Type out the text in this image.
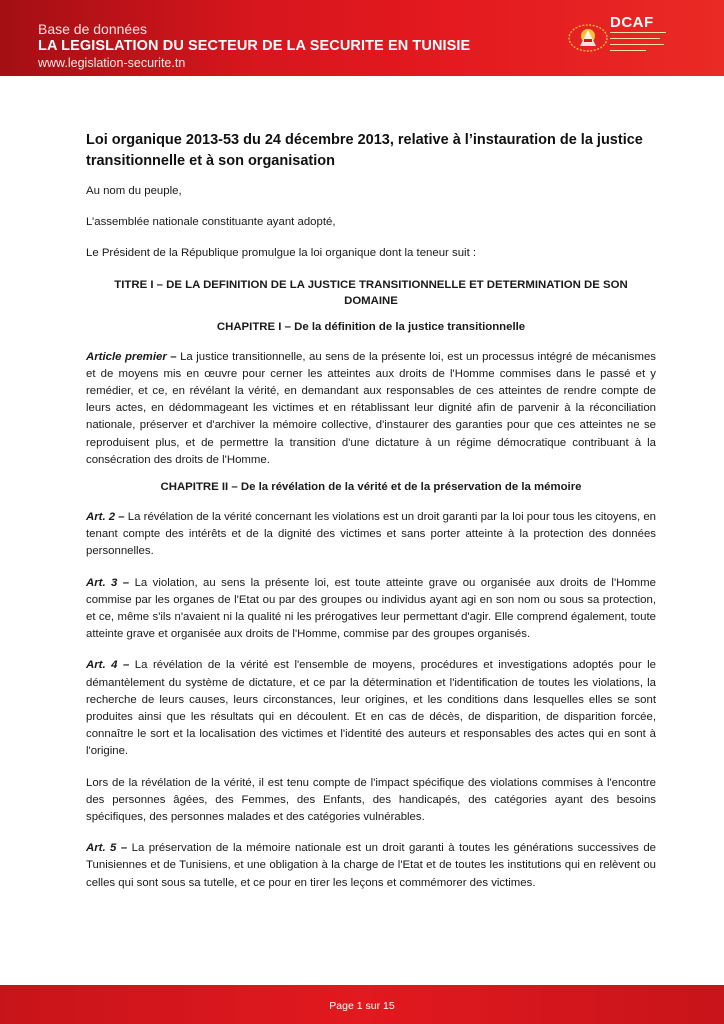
Base de données
LA LEGISLATION DU SECTEUR DE LA SECURITE EN TUNISIE
www.legislation-securite.tn
DCAF
Loi organique 2013-53 du 24 décembre 2013, relative à l’instauration de la justice transitionnelle et à son organisation

Au nom du peuple,

L’assemblée nationale constituante ayant adopté,

Le Président de la République promulgue la loi organique dont la teneur suit :

TITRE I – DE LA DEFINITION DE LA JUSTICE TRANSITIONNELLE ET DETERMINATION DE SON DOMAINE
CHAPITRE I – De la définition de la justice transitionnelle

Article premier – La justice transitionnelle, au sens de la présente loi, est un processus intégré de mécanismes et de moyens mis en œuvre pour cerner les atteintes aux droits de l'Homme commises dans le passé et y remédier, et ce, en révélant la vérité, en demandant aux responsables de ces atteintes de rendre compte de leurs actes, en dédommageant les victimes et en rétablissant leur dignité afin de parvenir à la réconciliation nationale, préserver et d'archiver la mémoire collective, d'instaurer des garanties pour que ces atteintes ne se reproduisent plus, et de permettre la transition d'une dictature à un régime démocratique contribuant à la consécration des droits de l'Homme.

CHAPITRE II – De la révélation de la vérité et de la préservation de la mémoire

Art. 2 – La révélation de la vérité concernant les violations est un droit garanti par la loi pour tous les citoyens, en tenant compte des intérêts et de la dignité des victimes et sans porter atteinte à la protection des données personnelles.

Art. 3 – La violation, au sens la présente loi, est toute atteinte grave ou organisée aux droits de l'Homme commise par les organes de l'Etat ou par des groupes ou individus ayant agi en son nom ou sous sa protection, et ce, même s'ils n'avaient ni la qualité ni les prérogatives leur permettant d'agir. Elle comprend également, toute atteinte grave et organisée aux droits de l'Homme, commise par des groupes organisés.

Art. 4 – La révélation de la vérité est l'ensemble de moyens, procédures et investigations adoptés pour le démantèlement du système de dictature, et ce par la détermination et l'identification de toutes les violations, la recherche de leurs causes, leurs circonstances, leur origines, et les conditions dans lesquelles elles se sont produites ainsi que les résultats qui en découlent. Et en cas de décès, de disparition, de disparition forcée, connaître le sort et la localisation des victimes et l'identité des auteurs et responsables des actes qui en sont à l'origine.

Lors de la révélation de la vérité, il est tenu compte de l'impact spécifique des violations commises à l'encontre des personnes âgées, des Femmes, des Enfants, des handicapés, des catégories ayant des besoins spécifiques, des personnes malades et des catégories vulnérables.

Art. 5 – La préservation de la mémoire nationale est un droit garanti à toutes les générations successives de Tunisiennes et de Tunisiens, et une obligation à la charge de l'Etat et de toutes les institutions qui en relèvent ou celles qui sont sous sa tutelle, et ce pour en tirer les leçons et commémorer des victimes.

Page 1 sur 15
